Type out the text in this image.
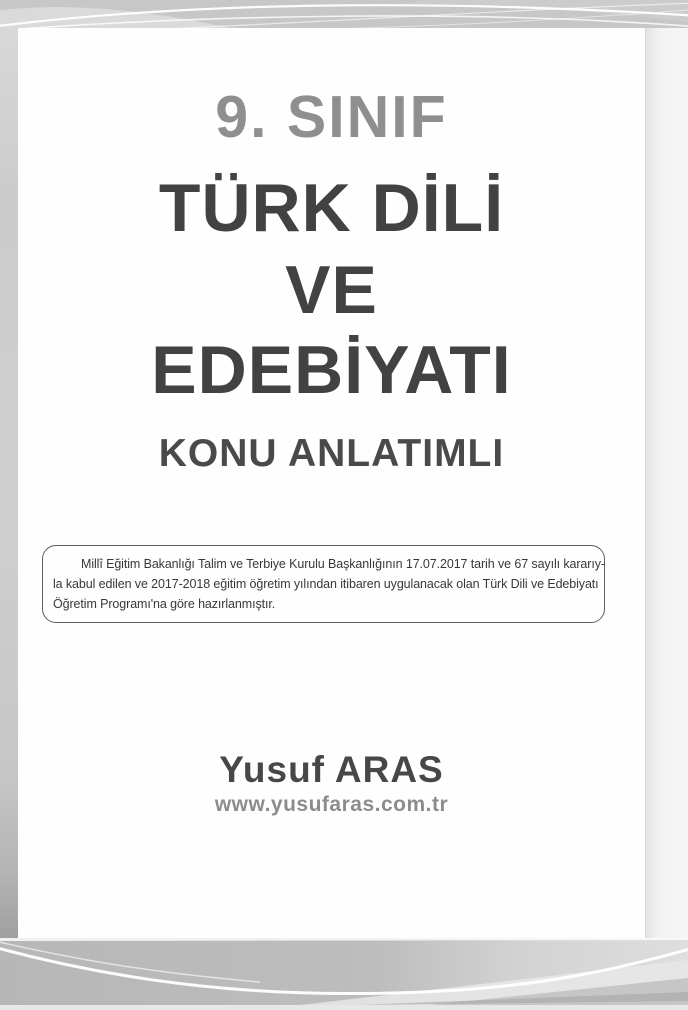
9. SINIF
TÜRK DİLİ
VE
EDEBİYATI
KONU ANLATIMLI
Millî Eğitim Bakanlığı Talim ve Terbiye Kurulu Başkanlığının 17.07.2017 tarih ve 67 sayılı kararıy-
la kabul edilen ve 2017-2018 eğitim öğretim yılından itibaren uygulanacak olan Türk Dili ve Edebiyatı
Öğretim Programı'na göre hazırlanmıştır.
Yusuf ARAS
www.yusufaras.com.tr
